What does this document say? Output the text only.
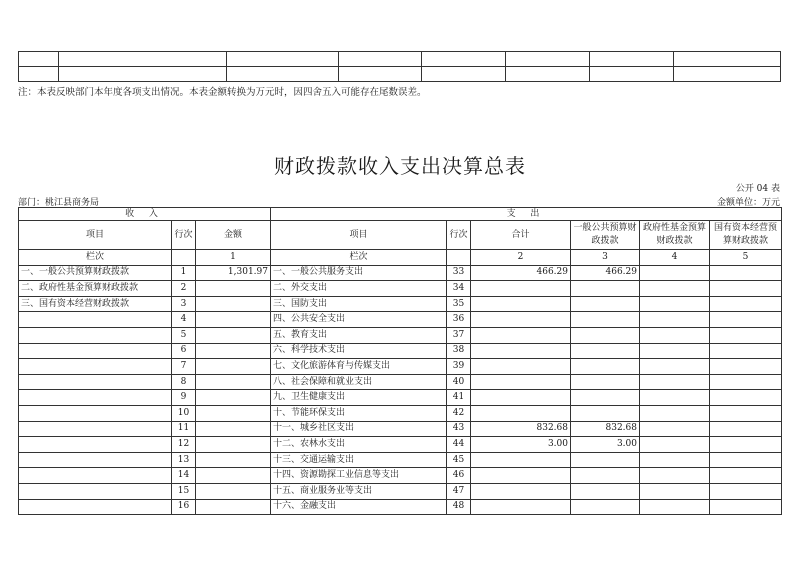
注：本表反映部门本年度各项支出情况。本表金额转换为万元时，因四舍五入可能存在尾数误差。
财政拨款收入支出决算总表
公开 04 表
部门：桃江县商务局	金额单位：万元
收 入			支 出					
项目	行次	金额	项目	行次	合计	一般公共预算财政拨款	政府性基金预算财政拨款	国有资本经营预算财政拨款
栏次		1	栏次		2	3	4	5
一、一般公共预算财政拨款	1	1,301.97	一、一般公共服务支出	33	466.29	466.29		
二、政府性基金预算财政拨款	2		二、外交支出	34				
三、国有资本经营财政拨款	3		三、国防支出	35				
	4		四、公共安全支出	36				
	5		五、教育支出	37				
	6		六、科学技术支出	38				
	7		七、文化旅游体育与传媒支出	39				
	8		八、社会保障和就业支出	40				
	9		九、卫生健康支出	41				
	10		十、节能环保支出	42				
	11		十一、城乡社区支出	43	832.68	832.68		
	12		十二、农林水支出	44	3.00	3.00		
	13		十三、交通运输支出	45				
	14		十四、资源勘探工业信息等支出	46				
	15		十五、商业服务业等支出	47				
	16		十六、金融支出	48				
